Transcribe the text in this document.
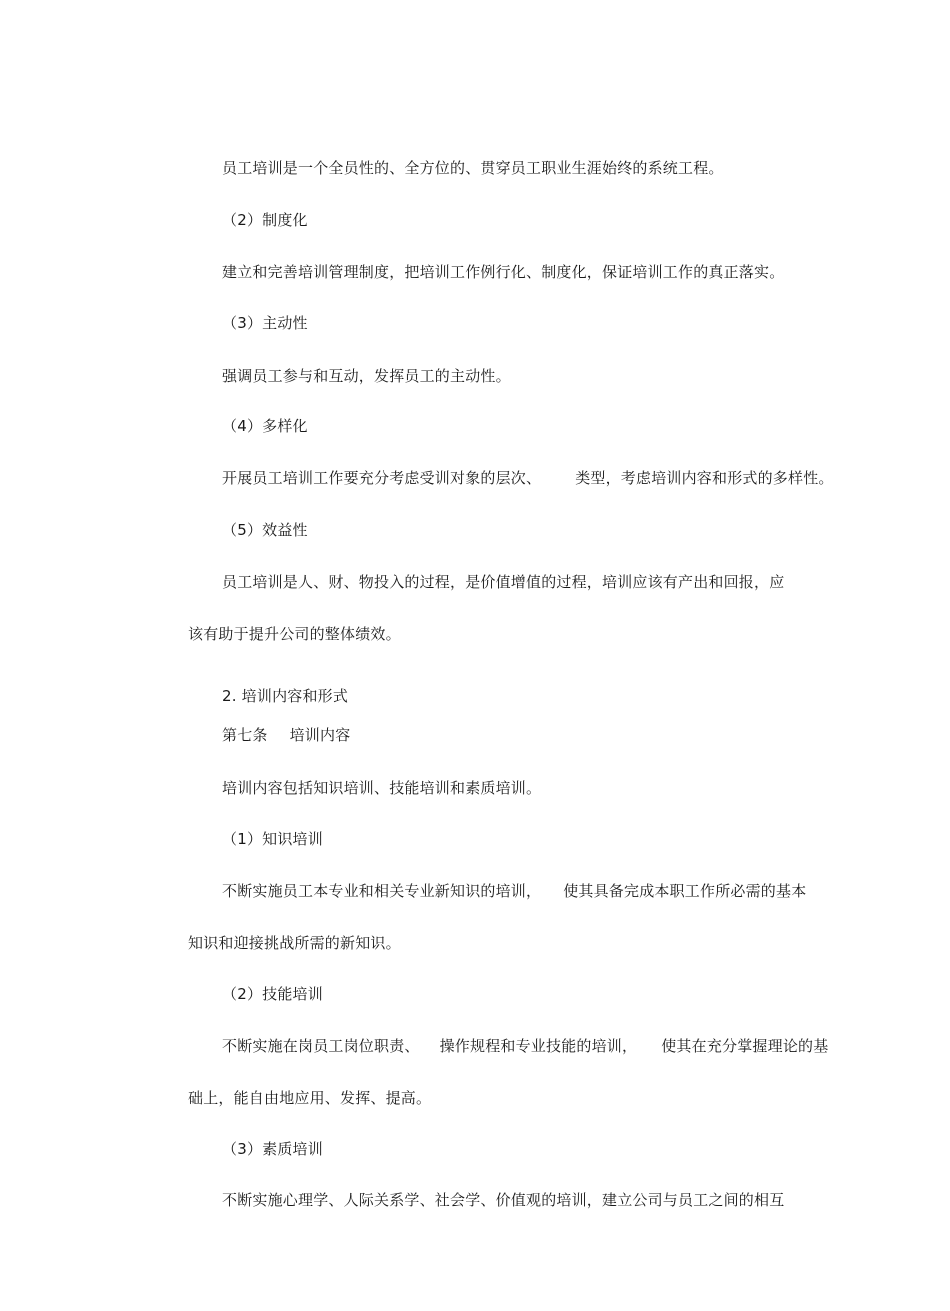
员工培训是一个全员性的、全方位的、贯穿员工职业生涯始终的系统工程。
（2）制度化
建立和完善培训管理制度，把培训工作例行化、制度化，保证培训工作的真正落实。
（3）主动性
强调员工参与和互动，发挥员工的主动性。
（4）多样化
开展员工培训工作要充分考虑受训对象的层次、 类型，考虑培训内容和形式的多样性。
（5）效益性
员工培训是人、财、物投入的过程，是价值增值的过程，培训应该有产出和回报，应
该有助于提升公司的整体绩效。
2. 培训内容和形式
第七条 培训内容
培训内容包括知识培训、技能培训和素质培训。
（1）知识培训
不断实施员工本专业和相关专业新知识的培训， 使其具备完成本职工作所必需的基本
知识和迎接挑战所需的新知识。
（2）技能培训
不断实施在岗员工岗位职责、 操作规程和专业技能的培训， 使其在充分掌握理论的基
础上，能自由地应用、发挥、提高。
（3）素质培训
不断实施心理学、人际关系学、社会学、价值观的培训，建立公司与员工之间的相互
